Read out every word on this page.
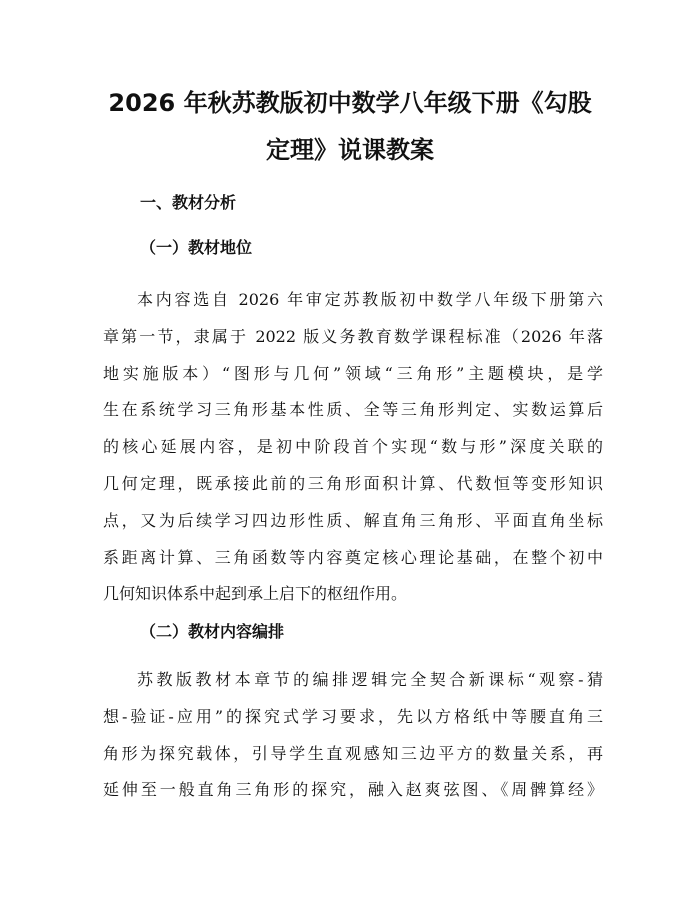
2026 年秋苏教版初中数学八年级下册《勾股
定理》说课教案
一、教材分析
（一）教材地位
本内容选自 2026 年审定苏教版初中数学八年级下册第六
章第一节，隶属于 2022 版义务教育数学课程标准（2026 年落
地实施版本）“图形与几何”领域“三角形”主题模块，是学
生在系统学习三角形基本性质、全等三角形判定、实数运算后
的核心延展内容，是初中阶段首个实现“数与形”深度关联的
几何定理，既承接此前的三角形面积计算、代数恒等变形知识
点，又为后续学习四边形性质、解直角三角形、平面直角坐标
系距离计算、三角函数等内容奠定核心理论基础，在整个初中
几何知识体系中起到承上启下的枢纽作用。
（二）教材内容编排
苏教版教材本章节的编排逻辑完全契合新课标“观察-猜
想-验证-应用”的探究式学习要求，先以方格纸中等腰直角三
角形为探究载体，引导学生直观感知三边平方的数量关系，再
延伸至一般直角三角形的探究，融入赵爽弦图、《周髀算经》
